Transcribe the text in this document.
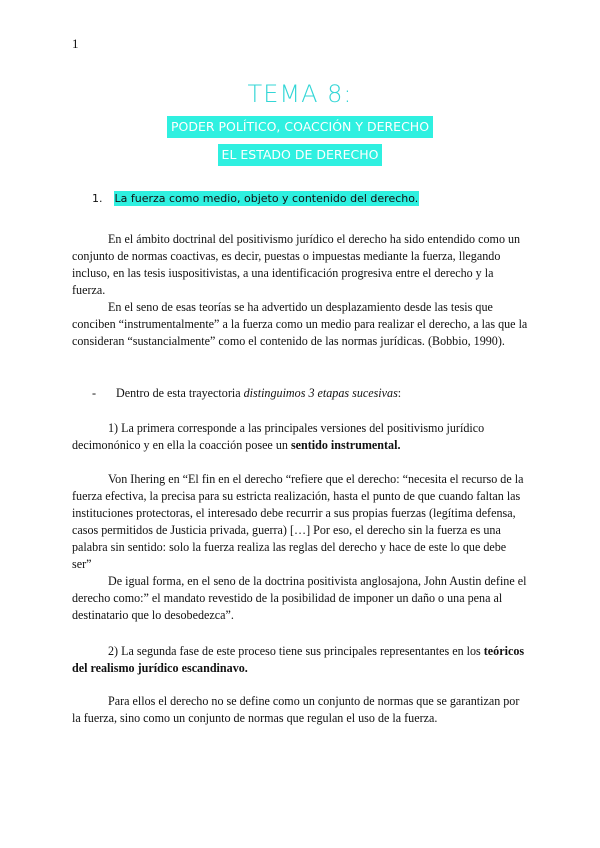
1
TEMA 8:
PODER POLÍTICO, COACCIÓN Y DERECHO
EL ESTADO DE DERECHO
1. La fuerza como medio, objeto y contenido del derecho.

En el ámbito doctrinal del positivismo jurídico el derecho ha sido entendido como un conjunto de normas coactivas, es decir, puestas o impuestas mediante la fuerza, llegando incluso, en las tesis iuspositivistas, a una identificación progresiva entre el derecho y la fuerza.

En el seno de esas teorías se ha advertido un desplazamiento desde las tesis que conciben “instrumentalmente” a la fuerza como un medio para realizar el derecho, a las que la consideran “sustancialmente” como el contenido de las normas jurídicas. (Bobbio, 1990).

- Dentro de esta trayectoria distinguimos 3 etapas sucesivas:

1) La primera corresponde a las principales versiones del positivismo jurídico decimonónico y en ella la coacción posee un sentido instrumental.

Von Ihering en “El fin en el derecho “refiere que el derecho: “necesita el recurso de la fuerza efectiva, la precisa para su estricta realización, hasta el punto de que cuando faltan las instituciones protectoras, el interesado debe recurrir a sus propias fuerzas (legítima defensa, casos permitidos de Justicia privada, guerra) […] Por eso, el derecho sin la fuerza es una palabra sin sentido: solo la fuerza realiza las reglas del derecho y hace de este lo que debe ser”

De igual forma, en el seno de la doctrina positivista anglosajona, John Austin define el derecho como:” el mandato revestido de la posibilidad de imponer un daño o una pena al destinatario que lo desobedezca”.

2) La segunda fase de este proceso tiene sus principales representantes en los teóricos del realismo jurídico escandinavo.

Para ellos el derecho no se define como un conjunto de normas que se garantizan por la fuerza, sino como un conjunto de normas que regulan el uso de la fuerza.
